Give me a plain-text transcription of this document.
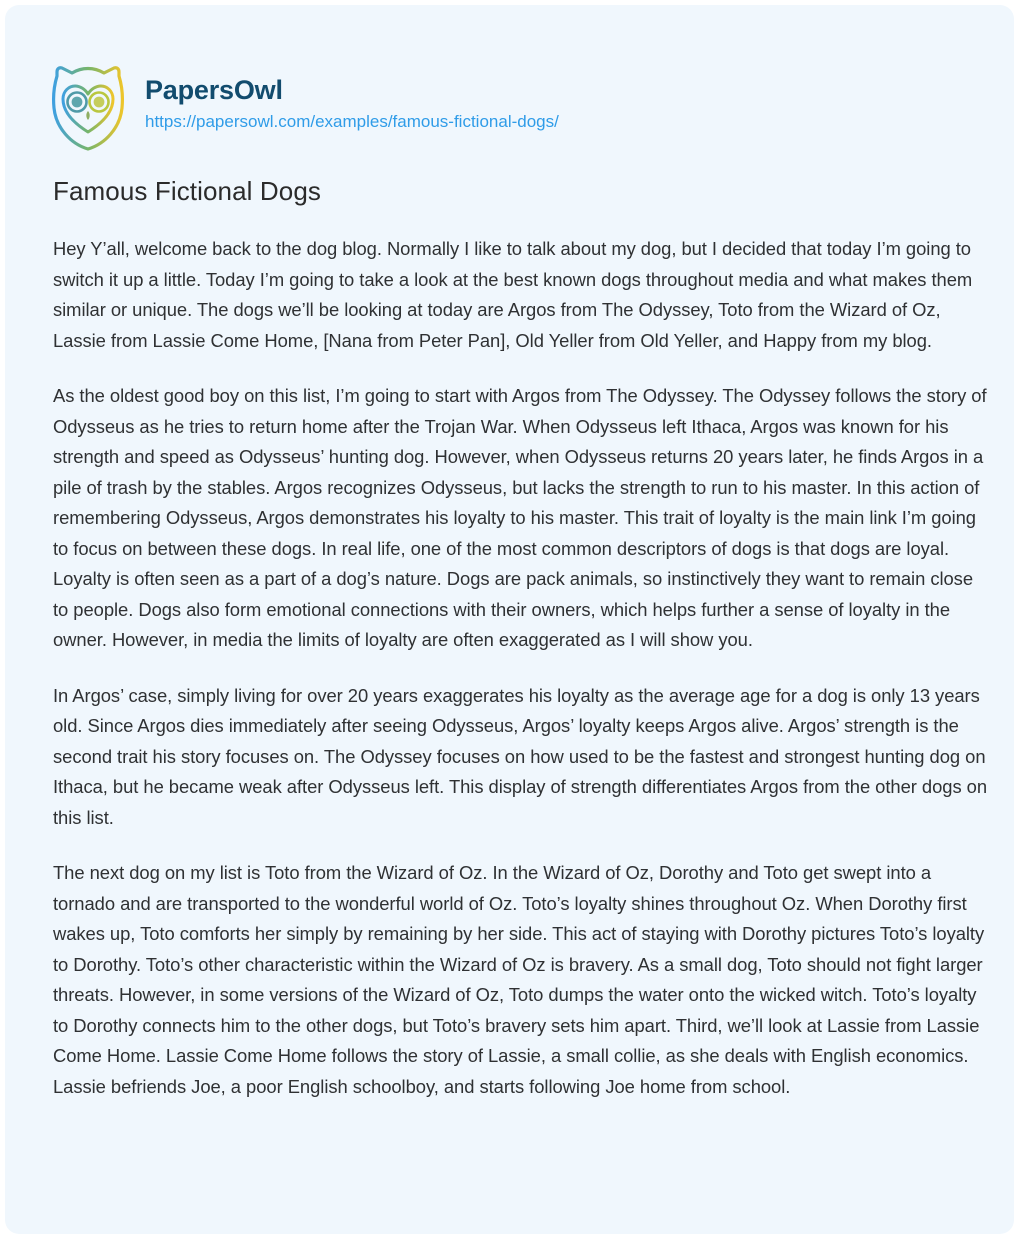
PapersOwl
https://papersowl.com/examples/famous-fictional-dogs/
Famous Fictional Dogs

Hey Y’all, welcome back to the dog blog. Normally I like to talk about my dog, but I decided that today I’m going to switch it up a little. Today I’m going to take a look at the best known dogs throughout media and what makes them similar or unique. The dogs we’ll be looking at today are Argos from The Odyssey, Toto from the Wizard of Oz, Lassie from Lassie Come Home, [Nana from Peter Pan], Old Yeller from Old Yeller, and Happy from my blog.

As the oldest good boy on this list, I’m going to start with Argos from The Odyssey. The Odyssey follows the story of Odysseus as he tries to return home after the Trojan War. When Odysseus left Ithaca, Argos was known for his strength and speed as Odysseus’ hunting dog. However, when Odysseus returns 20 years later, he finds Argos in a pile of trash by the stables. Argos recognizes Odysseus, but lacks the strength to run to his master. In this action of remembering Odysseus, Argos demonstrates his loyalty to his master. This trait of loyalty is the main link I’m going to focus on between these dogs. In real life, one of the most common descriptors of dogs is that dogs are loyal. Loyalty is often seen as a part of a dog’s nature. Dogs are pack animals, so instinctively they want to remain close to people. Dogs also form emotional connections with their owners, which helps further a sense of loyalty in the owner. However, in media the limits of loyalty are often exaggerated as I will show you.

In Argos’ case, simply living for over 20 years exaggerates his loyalty as the average age for a dog is only 13 years old. Since Argos dies immediately after seeing Odysseus, Argos’ loyalty keeps Argos alive. Argos’ strength is the second trait his story focuses on. The Odyssey focuses on how used to be the fastest and strongest hunting dog on Ithaca, but he became weak after Odysseus left. This display of strength differentiates Argos from the other dogs on this list.

The next dog on my list is Toto from the Wizard of Oz. In the Wizard of Oz, Dorothy and Toto get swept into a tornado and are transported to the wonderful world of Oz. Toto’s loyalty shines throughout Oz. When Dorothy first wakes up, Toto comforts her simply by remaining by her side. This act of staying with Dorothy pictures Toto’s loyalty to Dorothy. Toto’s other characteristic within the Wizard of Oz is bravery. As a small dog, Toto should not fight larger threats. However, in some versions of the Wizard of Oz, Toto dumps the water onto the wicked witch. Toto’s loyalty to Dorothy connects him to the other dogs, but Toto’s bravery sets him apart. Third, we’ll look at Lassie from Lassie Come Home. Lassie Come Home follows the story of Lassie, a small collie, as she deals with English economics. Lassie befriends Joe, a poor English schoolboy, and starts following Joe home from school.
